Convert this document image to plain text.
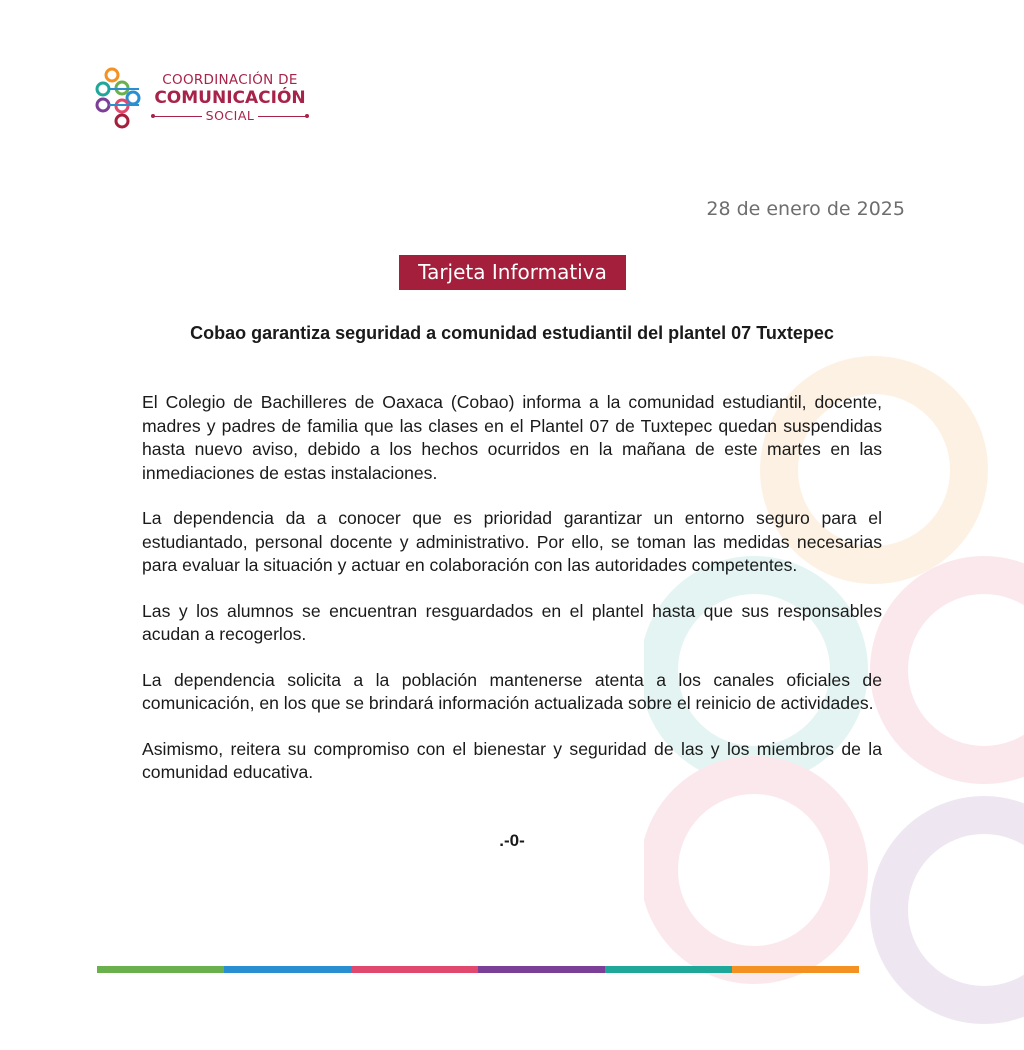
COORDINACIÓN DE
COMUNICACIÓN
SOCIAL
28 de enero de 2025
Tarjeta Informativa
Cobao garantiza seguridad a comunidad estudiantil del plantel 07 Tuxtepec

El Colegio de Bachilleres de Oaxaca (Cobao) informa a la comunidad estudiantil, docente, madres y padres de familia que las clases en el Plantel 07 de Tuxtepec quedan suspendidas hasta nuevo aviso, debido a los hechos ocurridos en la mañana de este martes en las inmediaciones de estas instalaciones.

La dependencia da a conocer que es prioridad garantizar un entorno seguro para el estudiantado, personal docente y administrativo. Por ello, se toman las medidas necesarias para evaluar la situación y actuar en colaboración con las autoridades competentes.

Las y los alumnos se encuentran resguardados en el plantel hasta que sus responsables acudan a recogerlos.

La dependencia solicita a la población mantenerse atenta a los canales oficiales de comunicación, en los que se brindará información actualizada sobre el reinicio de actividades.

Asimismo, reitera su compromiso con el bienestar y seguridad de las y los miembros de la comunidad educativa.

.-0-
